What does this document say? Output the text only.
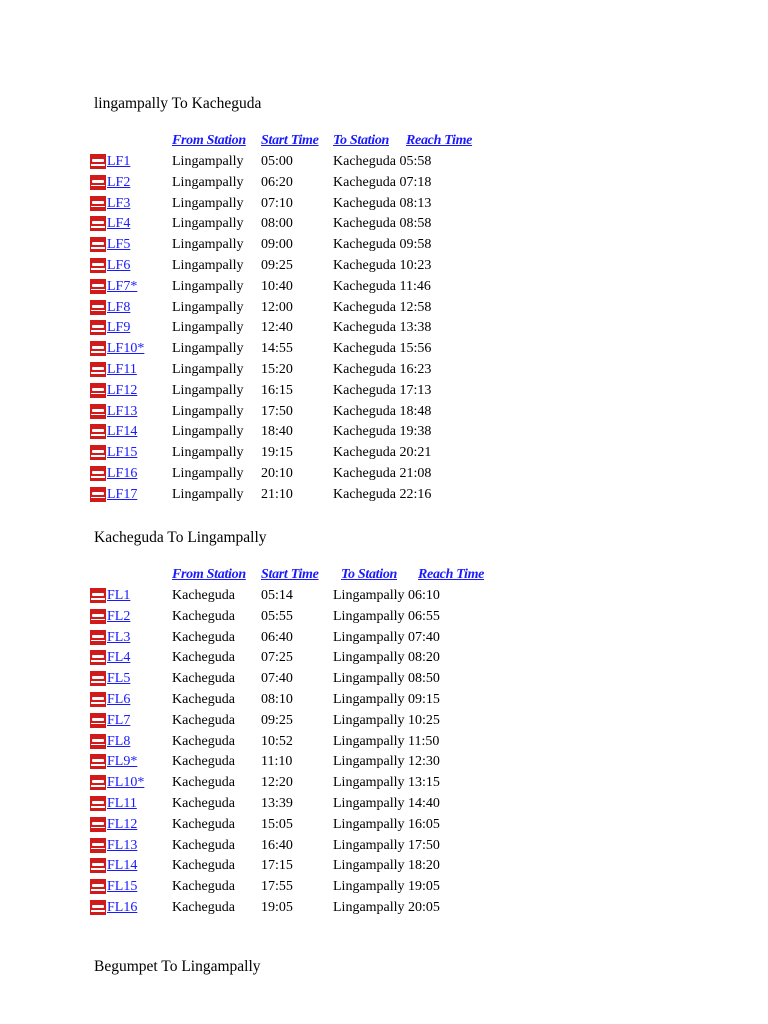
lingampally To Kacheguda
From Station Start Time To Station Reach Time
LF1	Lingampally 05:00	Kacheguda 05:58
LF2	Lingampally 06:20	Kacheguda 07:18
LF3	Lingampally 07:10	Kacheguda 08:13
LF4	Lingampally 08:00	Kacheguda 08:58
LF5	Lingampally 09:00	Kacheguda 09:58
LF6	Lingampally 09:25	Kacheguda 10:23
LF7* Lingampally 10:40	Kacheguda 11:46
LF8	Lingampally 12:00	Kacheguda 12:58
LF9	Lingampally 12:40	Kacheguda 13:38
LF10* Lingampally 14:55	Kacheguda 15:56
LF11	Lingampally 15:20	Kacheguda 16:23
LF12 Lingampally 16:15	Kacheguda 17:13
LF13 Lingampally 17:50	Kacheguda 18:48
LF14 Lingampally 18:40	Kacheguda 19:38
LF15 Lingampally 19:15	Kacheguda 20:21
LF16 Lingampally 20:10	Kacheguda 21:08
LF17 Lingampally 21:10	Kacheguda 22:16
Kacheguda To Lingampally
From Station Start Time To Station Reach Time
FL1	Kacheguda 05:14	Lingampally 06:10
FL2	Kacheguda 05:55	Lingampally 06:55
FL3	Kacheguda 06:40	Lingampally 07:40
FL4	Kacheguda 07:25	Lingampally 08:20
FL5	Kacheguda 07:40	Lingampally 08:50
FL6	Kacheguda 08:10	Lingampally 09:15
FL7	Kacheguda 09:25	Lingampally 10:25
FL8	Kacheguda 10:52	Lingampally 11:50
FL9* Kacheguda 11:10	Lingampally 12:30
FL10* Kacheguda 12:20	Lingampally 13:15
FL11	Kacheguda 13:39	Lingampally 14:40
FL12 Kacheguda 15:05	Lingampally 16:05
FL13 Kacheguda 16:40	Lingampally 17:50
FL14 Kacheguda 17:15	Lingampally 18:20
FL15 Kacheguda 17:55	Lingampally 19:05
FL16 Kacheguda 19:05	Lingampally 20:05
Begumpet To Lingampally
